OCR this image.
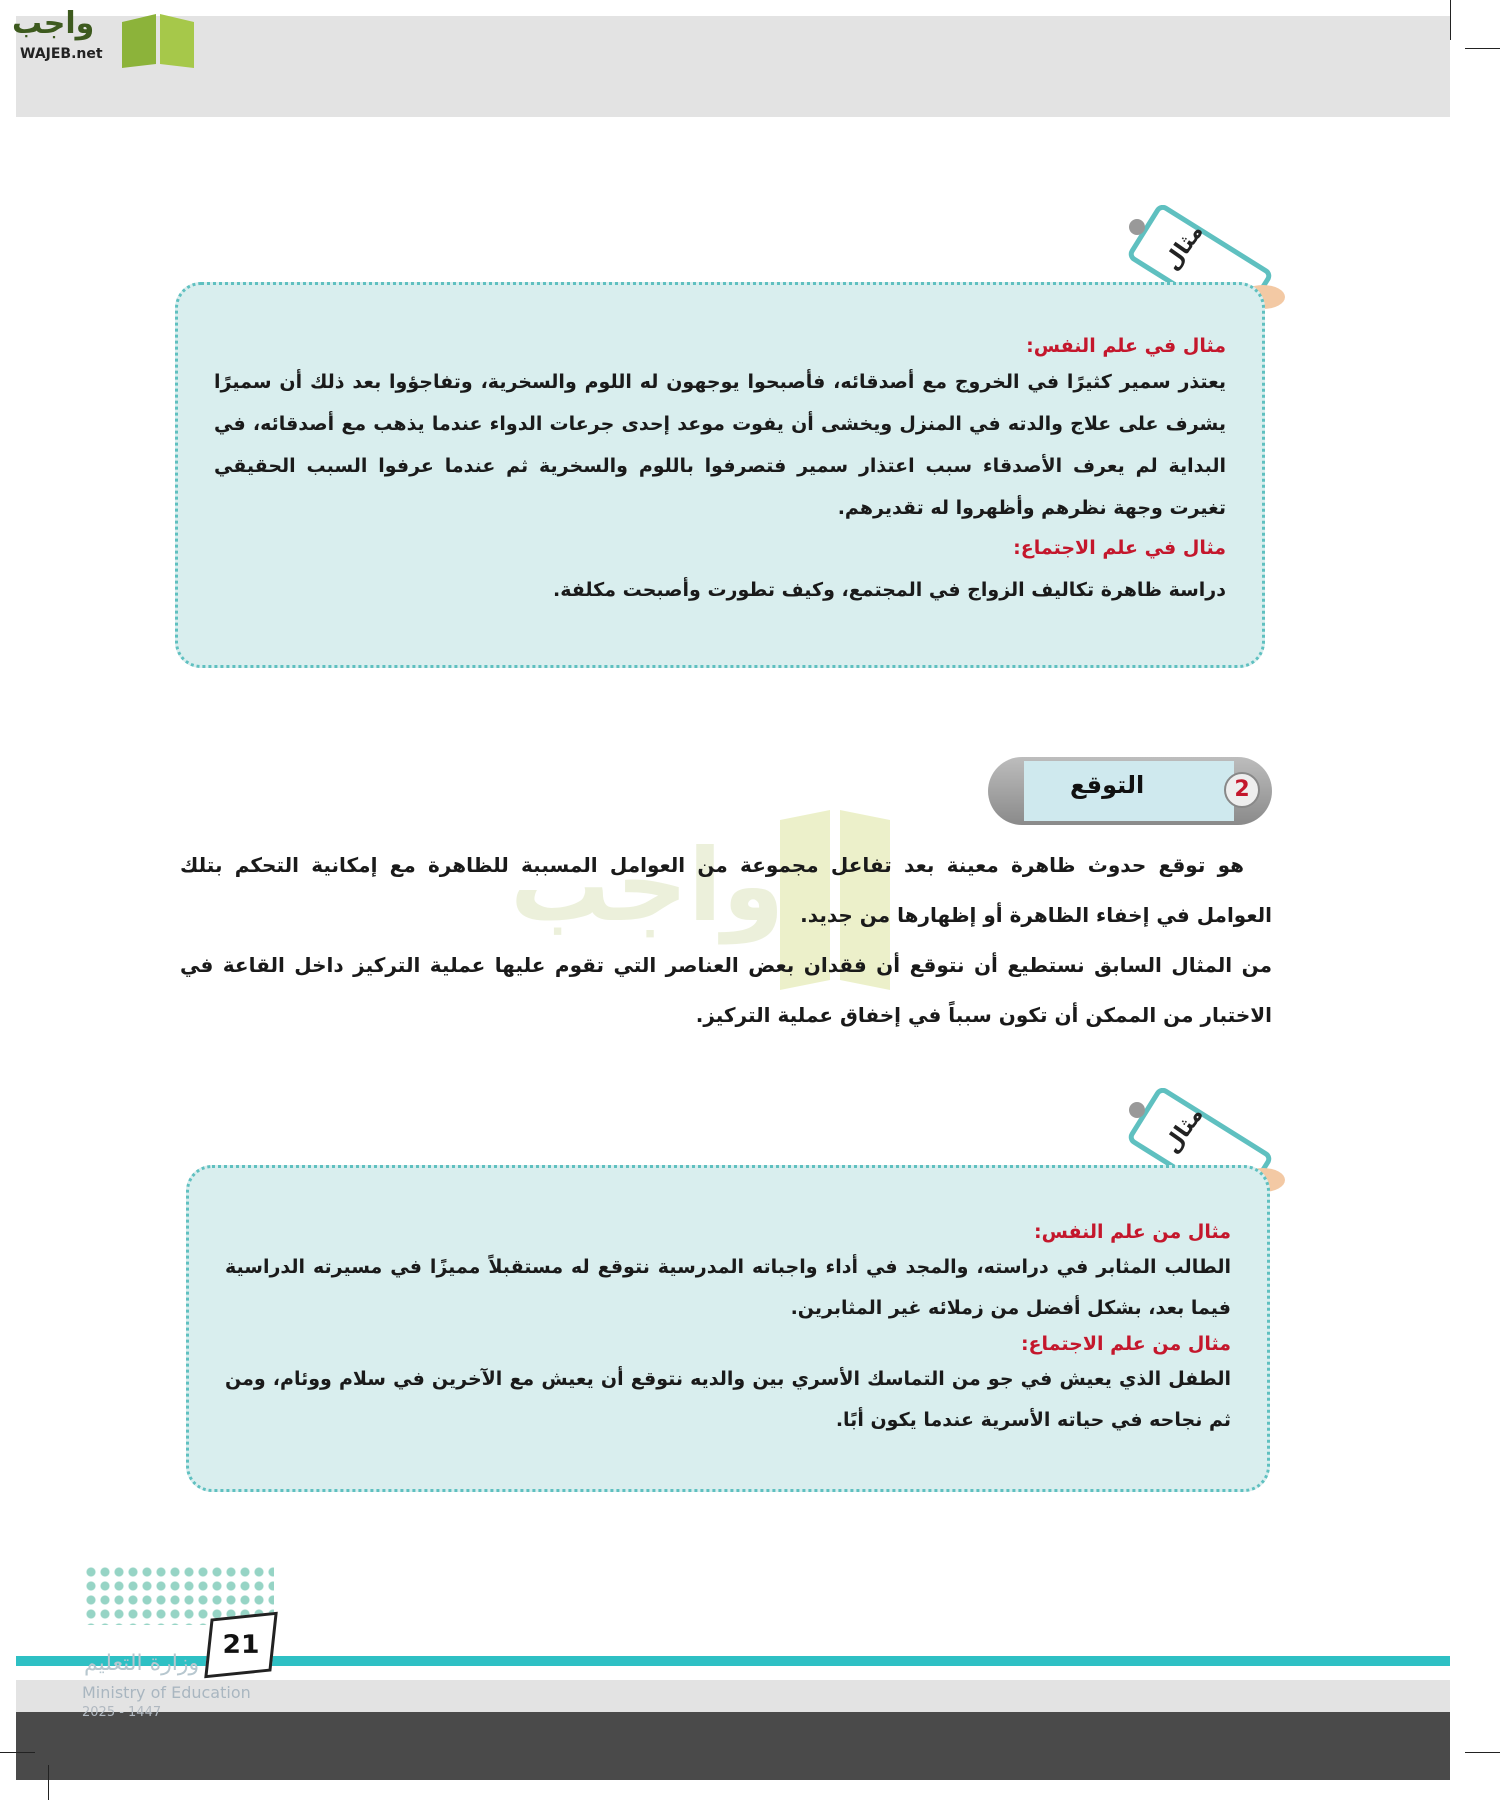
واجب
WAJEB.net
واجب
مثال
مثال في علم النفس:
يعتذر سمير كثيرًا في الخروج مع أصدقائه، فأصبحوا يوجهون له اللوم والسخرية، وتفاجؤوا بعد ذلك أن سميرًا يشرف على علاج والدته في المنزل ويخشى أن يفوت موعد إحدى جرعات الدواء عندما يذهب مع أصدقائه، في البداية لم يعرف الأصدقاء سبب اعتذار سمير فتصرفوا باللوم والسخرية ثم عندما عرفوا السبب الحقيقي تغيرت وجهة نظرهم وأظهروا له تقديرهم.
مثال في علم الاجتماع:
دراسة ظاهرة تكاليف الزواج في المجتمع، وكيف تطورت وأصبحت مكلفة.
التوقع	2

هو توقع حدوث ظاهرة معينة بعد تفاعل مجموعة من العوامل المسببة للظاهرة مع إمكانية التحكم بتلك العوامل في إخفاء الظاهرة أو إظهارها من جديد.

من المثال السابق نستطيع أن نتوقع أن فقدان بعض العناصر التي تقوم عليها عملية التركيز داخل القاعة في الاختبار من الممكن أن تكون سبباً في إخفاق عملية التركيز.

مثال
مثال من علم النفس:
الطالب المثابر في دراسته، والمجد في أداء واجباته المدرسية نتوقع له مستقبلاً مميزًا في مسيرته الدراسية فيما بعد، بشكل أفضل من زملائه غير المثابرين.
مثال من علم الاجتماع:
الطفل الذي يعيش في جو من التماسك الأسري بين والديه نتوقع أن يعيش مع الآخرين في سلام ووئام، ومن ثم نجاحه في حياته الأسرية عندما يكون أبًا.
وزارة التعليم
Ministry of Education
2025 - 1447
21
